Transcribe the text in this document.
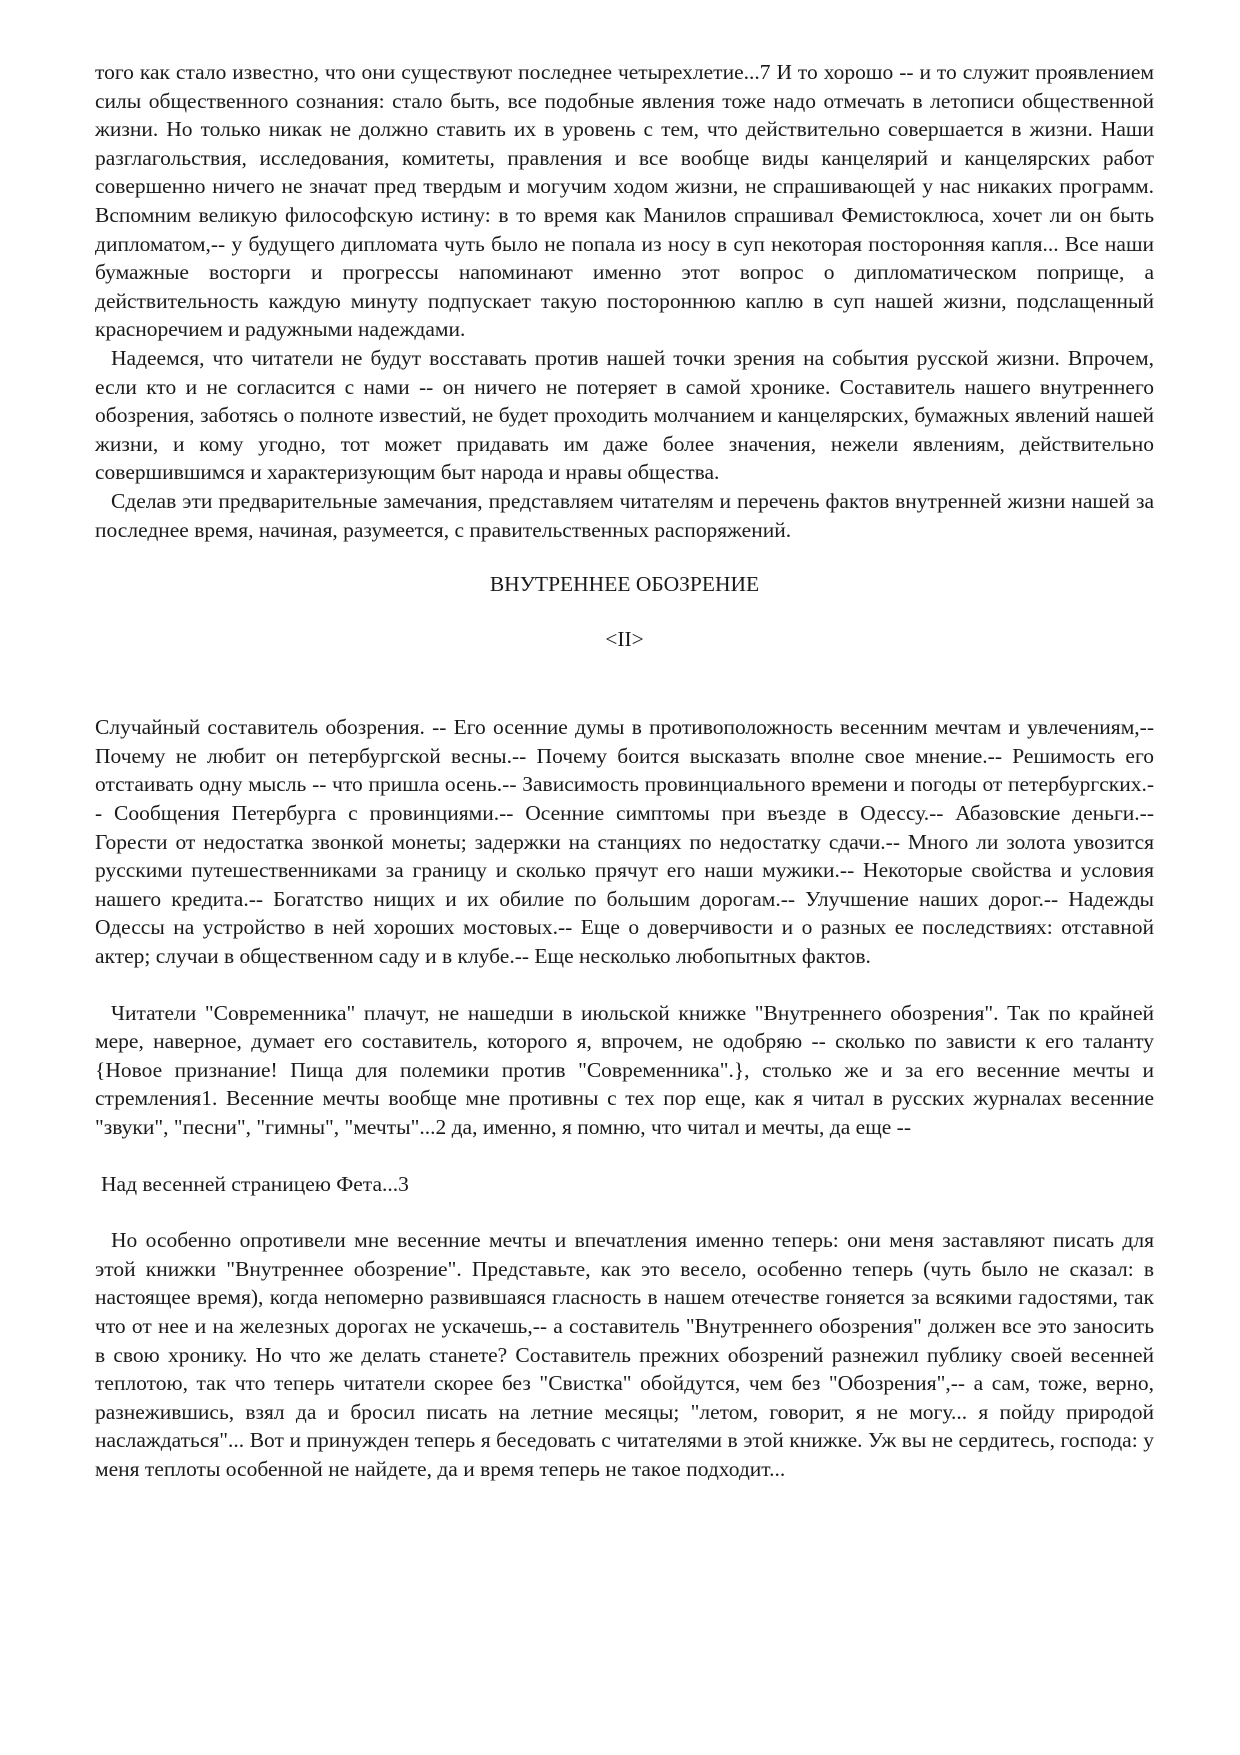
того как стало известно, что они существуют последнее четырехлетие...7 И то хорошо -- и то служит проявлением силы общественного сознания: стало быть, все подобные явления тоже надо отмечать в летописи общественной жизни. Но только никак не должно ставить их в уровень с тем, что действительно совершается в жизни. Наши разглагольствия, исследования, комитеты, правления и все вообще виды канцелярий и канцелярских работ совершенно ничего не значат пред твердым и могучим ходом жизни, не спрашивающей у нас никаких программ. Вспомним великую философскую истину: в то время как Манилов спрашивал Фемистоклюса, хочет ли он быть дипломатом,-- у будущего дипломата чуть было не попала из носу в суп некоторая посторонняя капля... Все наши бумажные восторги и прогрессы напоминают именно этот вопрос о дипломатическом поприще, а действительность каждую минуту подпускает такую постороннюю каплю в суп нашей жизни, подслащенный красноречием и радужными надеждами.

Надеемся, что читатели не будут восставать против нашей точки зрения на события русской жизни. Впрочем, если кто и не согласится с нами -- он ничего не потеряет в самой хронике. Составитель нашего внутреннего обозрения, заботясь о полноте известий, не будет проходить молчанием и канцелярских, бумажных явлений нашей жизни, и кому угодно, тот может придавать им даже более значения, нежели явлениям, действительно совершившимся и характеризующим быт народа и нравы общества.

Сделав эти предварительные замечания, представляем читателям и перечень фактов внутренней жизни нашей за последнее время, начиная, разумеется, с правительственных распоряжений.

ВНУТРЕННЕЕ ОБОЗРЕНИЕ

<II>

Случайный составитель обозрения. -- Его осенние думы в противоположность весенним мечтам и увлечениям,-- Почему не любит он петербургской весны.-- Почему боится высказать вполне свое мнение.-- Решимость его отстаивать одну мысль -- что пришла осень.-- Зависимость провинциального времени и погоды от петербургских.-- Сообщения Петербурга с провинциями.-- Осенние симптомы при въезде в Одессу.-- Абазовские деньги.-- Горести от недостатка звонкой монеты; задержки на станциях по недостатку сдачи.-- Много ли золота увозится русскими путешественниками за границу и сколько прячут его наши мужики.-- Некоторые свойства и условия нашего кредита.-- Богатство нищих и их обилие по большим дорогам.-- Улучшение наших дорог.-- Надежды Одессы на устройство в ней хороших мостовых.-- Еще о доверчивости и о разных ее последствиях: отставной актер; случаи в общественном саду и в клубе.-- Еще несколько любопытных фактов.

Читатели "Современника" плачут, не нашедши в июльской книжке "Внутреннего обозрения". Так по крайней мере, наверное, думает его составитель, которого я, впрочем, не одобряю -- сколько по зависти к его таланту {Новое признание! Пища для полемики против "Современника".}, столько же и за его весенние мечты и стремления1. Весенние мечты вообще мне противны с тех пор еще, как я читал в русских журналах весенние "звуки", "песни", "гимны", "мечты"...2 да, именно, я помню, что читал и мечты, да еще --

Над весенней страницею Фета...3

Но особенно опротивели мне весенние мечты и впечатления именно теперь: они меня заставляют писать для этой книжки "Внутреннее обозрение". Представьте, как это весело, особенно теперь (чуть было не сказал: в настоящее время), когда непомерно развившаяся гласность в нашем отечестве гоняется за всякими гадостями, так что от нее и на железных дорогах не ускачешь,-- а составитель "Внутреннего обозрения" должен все это заносить в свою хронику. Но что же делать станете? Составитель прежних обозрений разнежил публику своей весенней теплотою, так что теперь читатели скорее без "Свистка" обойдутся, чем без "Обозрения",-- а сам, тоже, верно, разнежившись, взял да и бросил писать на летние месяцы; "летом, говорит, я не могу... я пойду природой наслаждаться"... Вот и принужден теперь я беседовать с читателями в этой книжке. Уж вы не сердитесь, господа: у меня теплоты особенной не найдете, да и время теперь не такое подходит...
